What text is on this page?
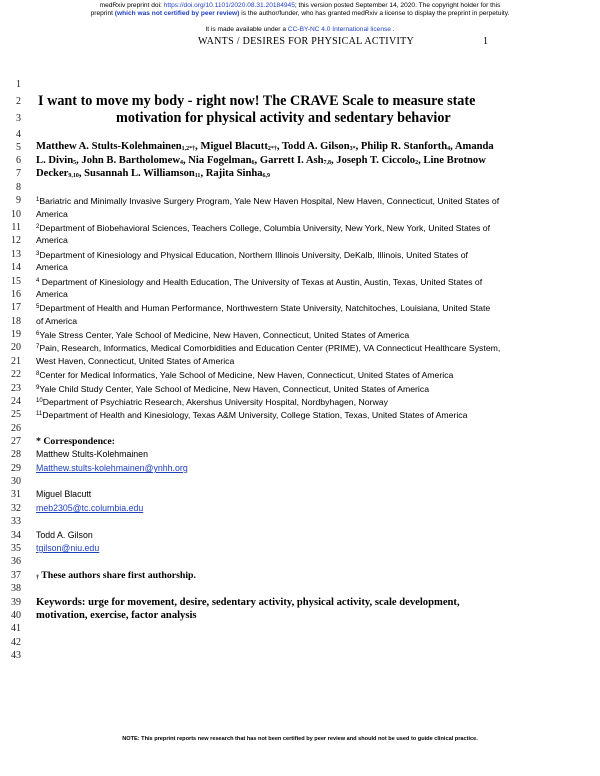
medRxiv preprint doi: https://doi.org/10.1101/2020.08.31.20184945; this version posted September 14, 2020. The copyright holder for this
preprint (which was not certified by peer review) is the author/funder, who has granted medRxiv a license to display the preprint in perpetuity.
It is made available under a CC-BY-NC 4.0 International license .
WANTS / DESIRES FOR PHYSICAL ACTIVITY	1
1
2
3
4
5
6
7
8
9
10
11
12
13
14
15
16
17
18
19
20
21
22
23
24
25
26
27
28
29
30
31
32
33
34
35
36
37
38
39
40
41
42
43
I want to move my body - right now! The CRAVE Scale to measure state
motivation for physical activity and sedentary behavior
Matthew A. Stults-Kolehmainen$_{1,2*\dagger}$, Miguel Blacutt$_{2*\dagger}$, Todd A. Gilson$_{3*}$, Philip R. Stanforth$_4$, Amanda
L. Divin$_5$, John B. Bartholomew$_4$, Nia Fogelman$_6$, Garrett I. Ash$_{7,8}$, Joseph T. Ciccolo$_2$, Line Brotnow
Decker$_{9,10}$, Susannah L. Williamson$_{11}$, Rajita Sinha$_{6,9}$
$^1$Bariatric and Minimally Invasive Surgery Program, Yale New Haven Hospital, New Haven, Connecticut, United States of
America
$^2$Department of Biobehavioral Sciences, Teachers College, Columbia University, New York, New York, United States of
America
$^3$Department of Kinesiology and Physical Education, Northern Illinois University, DeKalb, Illinois, United States of
America
$^4$ Department of Kinesiology and Health Education, The University of Texas at Austin, Austin, Texas, United States of
America
$^5$Department of Health and Human Performance, Northwestern State University, Natchitoches, Louisiana, United State
of America
$^6$Yale Stress Center, Yale School of Medicine, New Haven, Connecticut, United States of America
$^7$Pain, Research, Informatics, Medical Comorbidities and Education Center (PRIME), VA Connecticut Healthcare System,
West Haven, Connecticut, United States of America
$^8$Center for Medical Informatics, Yale School of Medicine, New Haven, Connecticut, United States of America
$^9$Yale Child Study Center, Yale School of Medicine, New Haven, Connecticut, United States of America
$^{10}$Department of Psychiatric Research, Akershus University Hospital, Nordbyhagen, Norway
$^{11}$Department of Health and Kinesiology, Texas A&M University, College Station, Texas, United States of America
* Correspondence:
Matthew Stults-Kolehmainen
Matthew.stults-kolehmainen@ynhh.org
Miguel Blacutt
meb2305@tc.columbia.edu
Todd A. Gilson
tgilson@niu.edu
$_\dagger$ These authors share first authorship.
Keywords: urge for movement, desire, sedentary activity, physical activity, scale development,
motivation, exercise, factor analysis
NOTE: This preprint reports new research that has not been certified by peer review and should not be used to guide clinical practice.
